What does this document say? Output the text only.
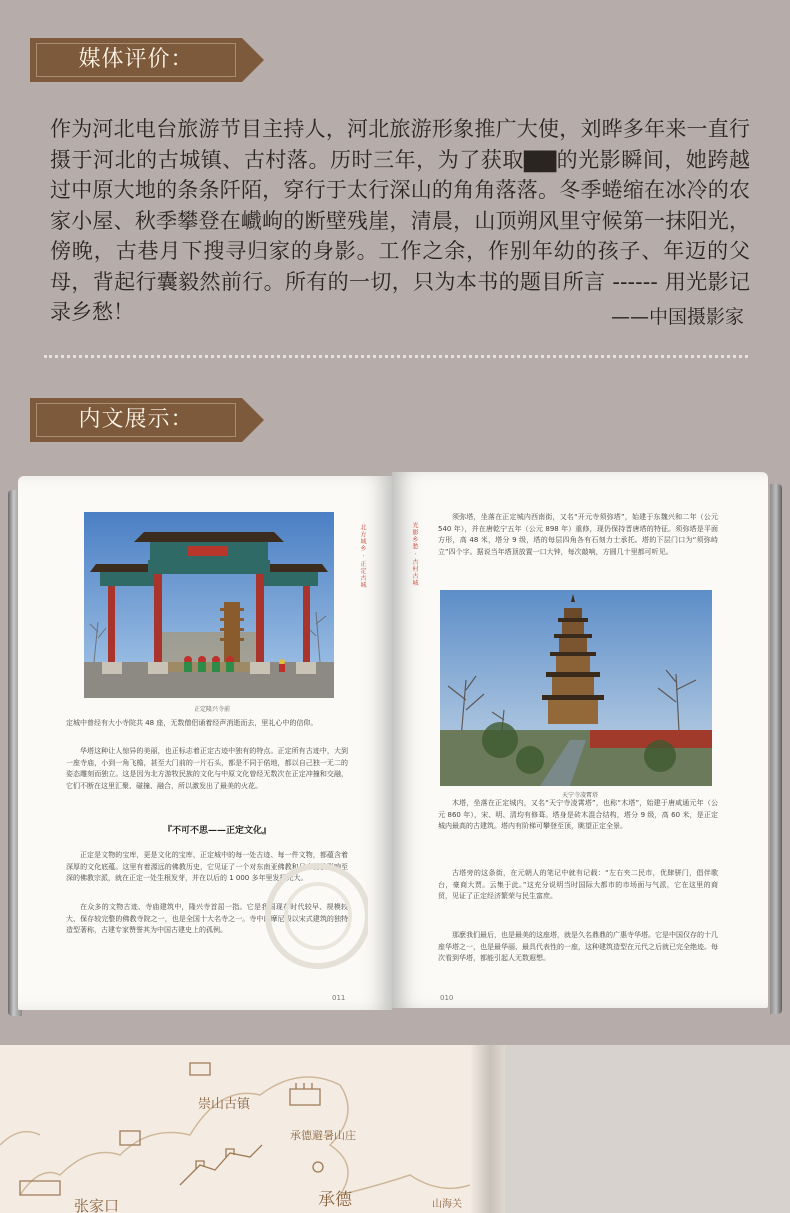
媒体评价：
作为河北电台旅游节目主持人，河北旅游形象推广大使，刘晔多年来一直行摄于河北的古城镇、古村落。历时三年，为了获取▇▇的光影瞬间，她跨越过中原大地的条条阡陌，穿行于太行深山的角角落落。冬季蜷缩在冰冷的农家小屋、秋季攀登在巇岣的断壁残崖，清晨，山顶朔风里守候第一抹阳光，傍晚，古巷月下搜寻归家的身影。工作之余，作别年幼的孩子、年迈的父母，背起行囊毅然前行。所有的一切，只为本书的题目所言 ------ 用光影记录乡愁！	——中国摄影家
内文展示：
正定隆兴寺前
北方城乡 · 正定古城
定城中曾经有大小寺院共 48 座，无数僧侣诵着经声消逝而去，里礼心中的信仰。
华塔这种让人惊异的美丽，也正标志着正定古迹中独有的特点。正定所有古迹中，大到一座寺庙，小到一角飞檐，甚至大门前的一片石头，都是不同于偌地，都以自己独一无二的姿态雕刻而独立。这是因为北方游牧民族的文化与中原文化曾经无数次在正定冲撞和交融，它们不断在这里汇聚、碰撞、融合，所以激发出了最美的火花。
『不可不思——正定文化』
正定是文物的宝库，更是文化的宝库，正定城中的每一处古迹、每一件文物，都蕴含着深厚的文化底蕴。这里有着源远的佛教历史，它见证了一个对东南亚佛教和日本佛教影响至深的佛教宗派，就在正定一处生根发芽，并在以后的 1 000 多年里发扬光大。
在众多的文物古迹、寺庙建筑中，隆兴寺首屈一指。它是我国现存时代较早、规模较大、保存较完整的佛教寺院之一，也是全国十大名寺之一。寺中的摩尼殿以宋式建筑的独特造型著称，古建专家赞誉其为中国古建史上的孤例。
011
光影乡愁 · 古村古城
须弥塔，坐落在正定城内西南街，又名“开元寺须弥塔”，始建于东魏兴和二年（公元 540 年），并在唐乾宁五年（公元 898 年）重修，现仍保持晋唐塔的特征。须弥塔是平面方形，高 48 米，塔分 9 级，塔的每层四角各有石刻力士承托。塔的下层门口为“须弥峙立”四个字。据说当年塔顶放置一口大钟，每次敲响，方圆几十里都可听见。
天宁寺凌霄塔
木塔，坐落在正定城内，又名“天宁寺凌霄塔”，也称“木塔”，始建于唐咸通元年（公元 860 年），宋、明、清均有修葺。塔身是砖木混合结构，塔分 9 级，高 60 米，是正定城内最高的古建筑。塔内有阶梯可攀登至顶，眺望正定全景。
古塔旁的这条街，在元朝人的笔记中就有记载：“左右夹二民市，优肆骈门，倡伴歌台，豪商大贾。云集于此。”这充分说明当时国际大都市的市场面与气派，它在这里的商贸，见证了正定经济繁荣与民生富庶。
那麽我们最后，也是最美的这座塔，就是久名鼎鼎的广惠寺华塔。它是中国仅存的十几座华塔之一，也是最华丽、最具代表性的一座，这种建筑造型在元代之后就已完全绝迹。每次看到华塔，都能引起人无数遐想。
010
崇山古镇
承德避暑山庄
张家口	承德	山海关
